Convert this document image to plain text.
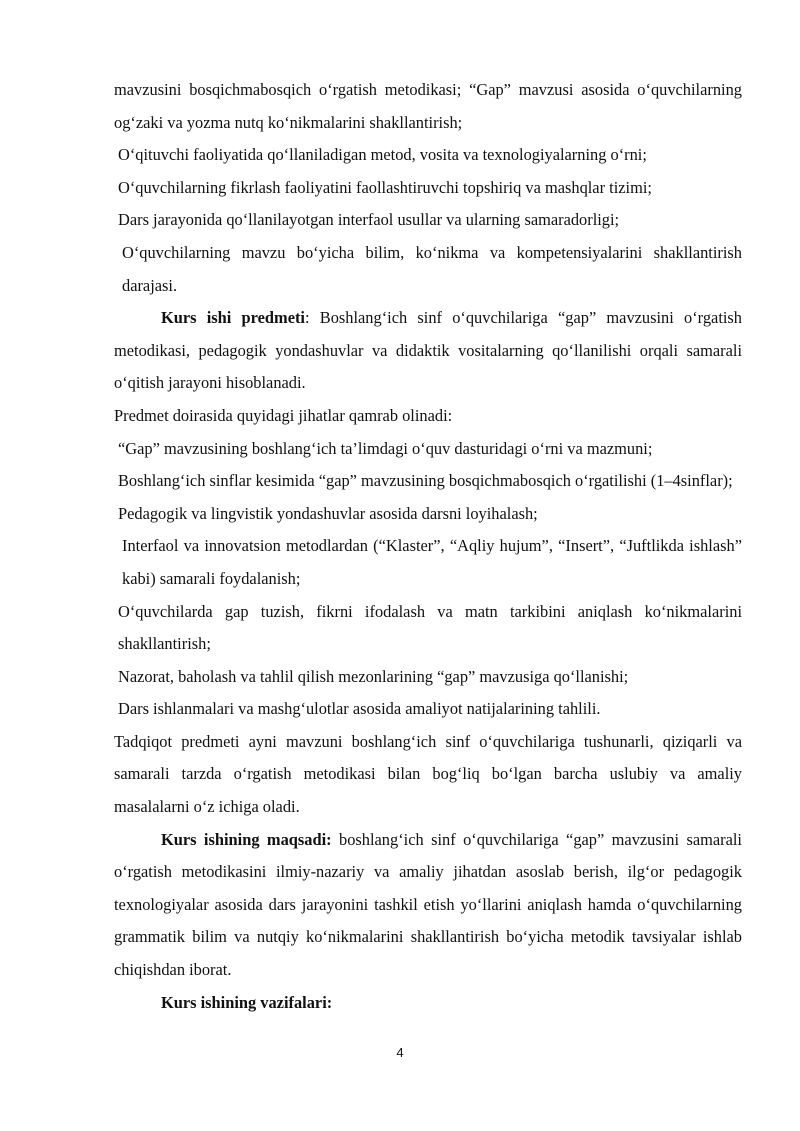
mavzusini bosqichmabosqich o‘rgatish metodikasi; “Gap” mavzusi asosida o‘quvchilarning og‘zaki va yozma nutq ko‘nikmalarini shakllantirish;

O‘qituvchi faoliyatida qo‘llaniladigan metod, vosita va texnologiyalarning o‘rni;

O‘quvchilarning fikrlash faoliyatini faollashtiruvchi topshiriq va mashqlar tizimi;

Dars jarayonida qo‘llanilayotgan interfaol usullar va ularning samaradorligi;

O‘quvchilarning mavzu bo‘yicha bilim, ko‘nikma va kompetensiyalarini shakllantirish darajasi.

Kurs ishi predmeti: Boshlang‘ich sinf o‘quvchilariga “gap” mavzusini o‘rgatish metodikasi, pedagogik yondashuvlar va didaktik vositalarning qo‘llanilishi orqali samarali o‘qitish jarayoni hisoblanadi.

Predmet doirasida quyidagi jihatlar qamrab olinadi:

“Gap” mavzusining boshlang‘ich ta’limdagi o‘quv dasturidagi o‘rni va mazmuni;

Boshlang‘ich sinflar kesimida “gap” mavzusining bosqichmabosqich o‘rgatilishi (1–4sinflar);

Pedagogik va lingvistik yondashuvlar asosida darsni loyihalash;

Interfaol va innovatsion metodlardan (“Klaster”, “Aqliy hujum”, “Insert”, “Juftlikda ishlash” kabi) samarali foydalanish;

O‘quvchilarda gap tuzish, fikrni ifodalash va matn tarkibini aniqlash ko‘nikmalarini shakllantirish;

Nazorat, baholash va tahlil qilish mezonlarining “gap” mavzusiga qo‘llanishi;

Dars ishlanmalari va mashg‘ulotlar asosida amaliyot natijalarining tahlili.

Tadqiqot predmeti ayni mavzuni boshlang‘ich sinf o‘quvchilariga tushunarli, qiziqarli va samarali tarzda o‘rgatish metodikasi bilan bog‘liq bo‘lgan barcha uslubiy va amaliy masalalarni o‘z ichiga oladi.

Kurs ishining maqsadi: boshlang‘ich sinf o‘quvchilariga “gap” mavzusini samarali o‘rgatish metodikasini ilmiy-nazariy va amaliy jihatdan asoslab berish, ilg‘or pedagogik texnologiyalar asosida dars jarayonini tashkil etish yo‘llarini aniqlash hamda o‘quvchilarning grammatik bilim va nutqiy ko‘nikmalarini shakllantirish bo‘yicha metodik tavsiyalar ishlab chiqishdan iborat.

Kurs ishining vazifalari:

4
